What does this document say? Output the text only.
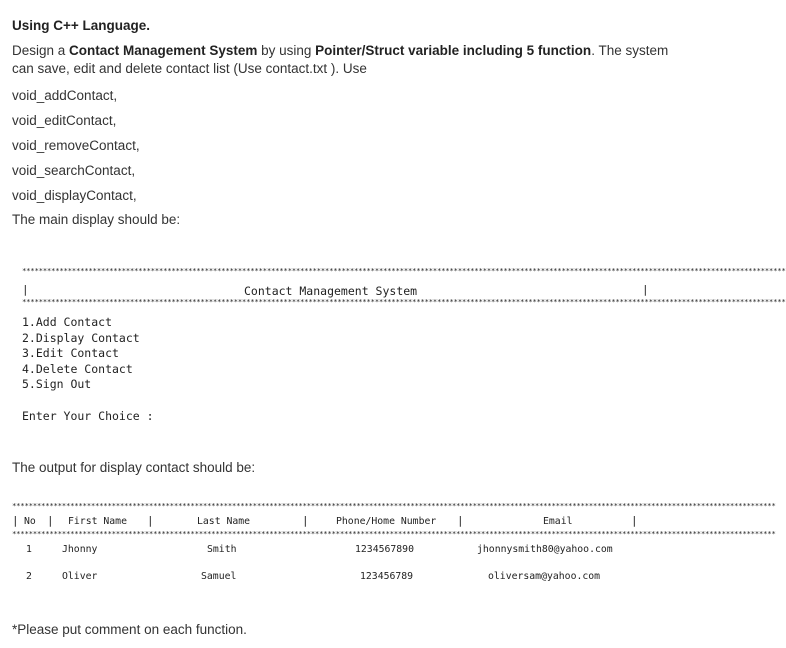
Using C++ Language.
Design a Contact Management System by using Pointer/Struct variable including 5 function. The system can save, edit and delete contact list (Use contact.txt ). Use
void_addContact,
void_editContact,
void_removeContact,
void_searchContact,
void_displayContact,
The main display should be:
****************************************************************************************************************************************************************************************
|	Contact Management System	|
****************************************************************************************************************************************************************************************
1.Add Contact
2.Display Contact
3.Edit Contact
4.Delete Contact
5.Sign Out
Enter Your Choice :
The output for display contact should be:
****************************************************************************************************************************************************************************************
| No | First Name |	Last Name	|	Phone/Home Number |	Email	|
****************************************************************************************************************************************************************************************
1	Jhonny	Smith	1234567890	jhonnysmith80@yahoo.com
2	Oliver	Samuel	123456789	oliversam@yahoo.com
*Please put comment on each function.
